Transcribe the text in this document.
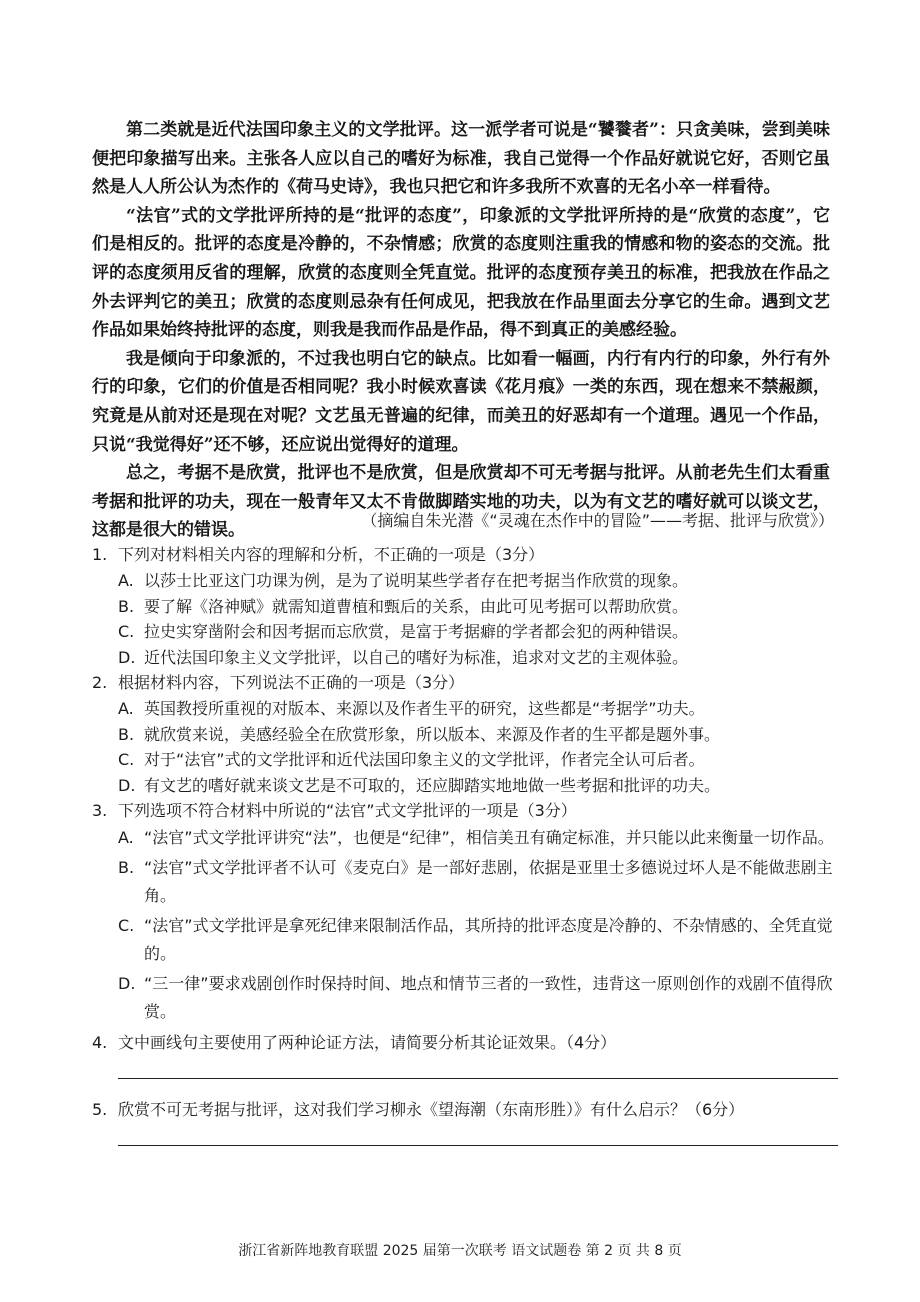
第二类就是近代法国印象主义的文学批评。这一派学者可说是“饕餮者”：只贪美味，尝到美味便把印象描写出来。主张各人应以自己的嗜好为标准，我自己觉得一个作品好就说它好，否则它虽然是人人所公认为杰作的《荷马史诗》，我也只把它和许多我所不欢喜的无名小卒一样看待。

“法官”式的文学批评所持的是“批评的态度”，印象派的文学批评所持的是“欣赏的态度”，它们是相反的。批评的态度是冷静的，不杂情感；欣赏的态度则注重我的情感和物的姿态的交流。批评的态度须用反省的理解，欣赏的态度则全凭直觉。批评的态度预存美丑的标准，把我放在作品之外去评判它的美丑；欣赏的态度则忌杂有任何成见，把我放在作品里面去分享它的生命。遇到文艺作品如果始终持批评的态度，则我是我而作品是作品，得不到真正的美感经验。

我是倾向于印象派的，不过我也明白它的缺点。比如看一幅画，内行有内行的印象，外行有外行的印象，它们的价值是否相同呢？我小时候欢喜读《花月痕》一类的东西，现在想来不禁赧颜，究竟是从前对还是现在对呢？文艺虽无普遍的纪律，而美丑的好恶却有一个道理。遇见一个作品，只说“我觉得好”还不够，还应说出觉得好的道理。

总之，考据不是欣赏，批评也不是欣赏，但是欣赏却不可无考据与批评。从前老先生们太看重考据和批评的功夫，现在一般青年又太不肯做脚踏实地的功夫，以为有文艺的嗜好就可以谈文艺，这都是很大的错误。	（摘编自朱光潜《“灵魂在杰作中的冒险”——考据、批评与欣赏》）
1. 下列对材料相关内容的理解和分析，不正确的一项是（3分）
A. 以莎士比亚这门功课为例，是为了说明某些学者存在把考据当作欣赏的现象。
B. 要了解《洛神赋》就需知道曹植和甄后的关系，由此可见考据可以帮助欣赏。
C. 拉史实穿凿附会和因考据而忘欣赏，是富于考据癖的学者都会犯的两种错误。
D. 近代法国印象主义文学批评，以自己的嗜好为标准，追求对文艺的主观体验。
2. 根据材料内容，下列说法不正确的一项是（3分）
A. 英国教授所重视的对版本、来源以及作者生平的研究，这些都是“考据学”功夫。
B. 就欣赏来说，美感经验全在欣赏形象，所以版本、来源及作者的生平都是题外事。
C. 对于“法官”式的文学批评和近代法国印象主义的文学批评，作者完全认可后者。
D. 有文艺的嗜好就来谈文艺是不可取的，还应脚踏实地地做一些考据和批评的功夫。
3. 下列选项不符合材料中所说的“法官”式文学批评的一项是（3分）
A. “法官”式文学批评讲究“法”，也便是“纪律”，相信美丑有确定标准，并只能以此来衡量一切作品。
B. “法官”式文学批评者不认可《麦克白》是一部好悲剧，依据是亚里士多德说过坏人是不能做悲剧主角。
C. “法官”式文学批评是拿死纪律来限制活作品，其所持的批评态度是冷静的、不杂情感的、全凭直觉的。
D. “三一律”要求戏剧创作时保持时间、地点和情节三者的一致性，违背这一原则创作的戏剧不值得欣赏。
4. 文中画线句主要使用了两种论证方法，请简要分析其论证效果。（4分）
5. 欣赏不可无考据与批评，这对我们学习柳永《望海潮（东南形胜）》有什么启示？（6分）
浙江省新阵地教育联盟 2025 届第一次联考 语文试题卷 第 2 页 共 8 页
